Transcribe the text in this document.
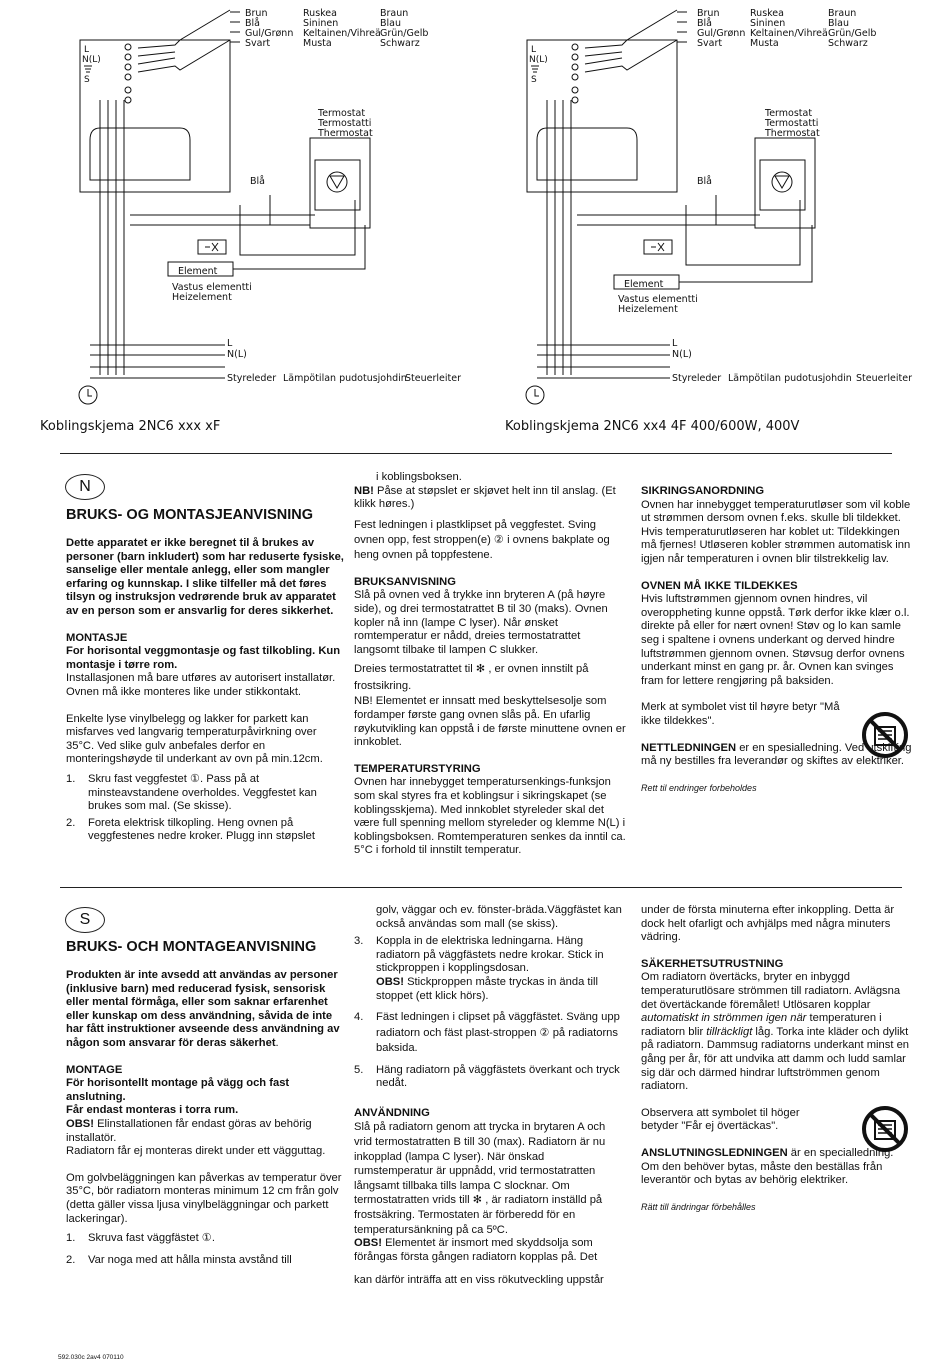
L
N(L)
S
Brun
Blå
Gul/Grønn
Svart
Ruskea
Sininen
Keltainen/Vihreä
Musta
Braun
Blau
Grün/Gelb
Schwarz
Termostat
Termostatti
Thermostat
Blå
Element
Vastus elementti
Heizelement
L
N(L)
Styreleder Lämpötilan pudotusjohdin
Steuerleiter
Koblingskjema 2NC6 xxx xF
L
N(L)
S
Brun
Blå
Gul/Grønn
Svart
Ruskea
Sininen
Keltainen/Vihreä
Musta
Braun
Blau
Grün/Gelb
Schwarz
Termostat
Termostatti
Thermostat
Blå
Element
Vastus elementti
Heizelement
L
N(L)
Styreleder Lämpötilan pudotusjohdin Steuerleiter
Koblingskjema 2NC6 xx4 4F 400/600W, 400V
N

BRUKS- OG MONTASJEANVISNING

Dette apparatet er ikke beregnet til å brukes av personer (barn inkludert) som har reduserte fysiske, sanselige eller mentale anlegg, eller som mangler erfaring og kunnskap. I slike tilfeller må det føres tilsyn og instruksjon vedrørende bruk av apparatet av en person som er ansvarlig for deres sikkerhet.

MONTASJE

For horisontal veggmontasje og fast tilkobling. Kun montasje i tørre rom.

Installasjonen må bare utføres av autorisert installatør. Ovnen må ikke monteres like under stikkontakt.

Enkelte lyse vinylbelegg og lakker for parkett kan misfarves ved langvarig temperaturpåvirkning over 35°C. Ved slike gulv anbefales derfor en monteringshøyde til underkant av ovn på min.12cm.

1.	Skru fast veggfestet ①. Pass på at minsteavstandene overholdes. Veggfestet kan brukes som mal. (Se skisse).
2.	Foreta elektrisk tilkopling. Heng ovnen på veggfestenes nedre kroker. Plugg inn støpslet

i koblingsboksen.

NB! Påse at støpslet er skjøvet helt inn til anslag. (Et klikk høres.)

Fest ledningen i plastklipset på veggfestet. Sving ovnen opp, fest stroppen(e) ② i ovnens bakplate og heng ovnen på toppfestene.

BRUKSANVISNING

Slå på ovnen ved å trykke inn bryteren A (på høyre side), og drei termostatrattet B til 30 (maks). Ovnen kopler nå inn (lampe C lyser). Når ønsket romtemperatur er nådd, dreies termostatrattet langsomt tilbake til lampen C slukker.

Dreies termostatrattet til ✻ , er ovnen innstilt på frostsikring.

NB! Elementet er innsatt med beskyttelsesolje som fordamper første gang ovnen slås på. En ufarlig røykutvikling kan oppstå i de første minuttene ovnen er innkoblet.

TEMPERATURSTYRING

Ovnen har innebygget temperatursenkings-funksjon som skal styres fra et koblingsur i sikringskapet (se koblingsskjema). Med innkoblet styreleder skal det være full spenning mellom styreleder og klemme N(L) i koblingsboksen. Romtemperaturen senkes da inntil ca. 5°C i forhold til innstilt temperatur.

SIKRINGSANORDNING

Ovnen har innebygget temperaturutløser som vil koble ut strømmen dersom ovnen f.eks. skulle bli tildekket. Hvis temperaturutløseren har koblet ut: Tildekkingen må fjernes! Utløseren kobler strømmen automatisk inn igjen når temperaturen i ovnen blir tilstrekkelig lav.

OVNEN MÅ IKKE TILDEKKES

Hvis luftstrømmen gjennom ovnen hindres, vil overoppheting kunne oppstå. Tørk derfor ikke klær o.l. direkte på eller for nært ovnen! Støv og lo kan samle seg i spaltene i ovnens underkant og derved hindre luftstrømmen gjennom ovnen. Støvsug derfor ovnens underkant minst en gang pr. år. Ovnen kan svinges fram for lettere rengjøring på baksiden.

Merk at symbolet vist til høyre betyr "Må ikke tildekkes".

NETTLEDNINGEN er en spesialledning. Ved utskifting må ny bestilles fra leverandør og skiftes av elektriker.

Rett til endringer forbeholdes

S

BRUKS- OCH MONTAGEANVISNING

Produkten är inte avsedd att användas av personer (inklusive barn) med reducerad fysisk, sensorisk eller mental förmåga, eller som saknar erfarenhet eller kunskap om dess användning, såvida de inte har fått instruktioner avseende dess användning av någon som ansvarar för deras säkerhet.

MONTAGE

För horisontellt montage på vägg och fast anslutning.

Får endast monteras i torra rum.

OBS! Elinstallationen får endast göras av behörig installatör.

Radiatorn får ej monteras direkt under ett vägguttag.

Om golvbeläggningen kan påverkas av temperatur över 35°C, bör radiatorn monteras minimum 12 cm från golv (detta gäller vissa ljusa vinylbeläggningar och parkett lackeringar).

1.	Skruva fast väggfästet ①.
2.	Var noga med att hålla minsta avstånd till

golv, väggar och ev. fönster-bräda.Väggfästet kan också användas som mall (se skiss).

3.	Koppla in de elektriska ledningarna. Häng radiatorn på väggfästets nedre krokar. Stick in stickproppen i kopplingsdosan.
OBS! Stickproppen måste tryckas in ända till stoppet (ett klick hörs).
4.	Fäst ledningen i clipset på väggfästet. Sväng upp radiatorn och fäst plast-stroppen ② på radiatorns baksida.
5.	Häng radiatorn på väggfästets överkant och tryck nedåt.

ANVÄNDNING

Slå på radiatorn genom att trycka in brytaren A och vrid termostatratten B till 30 (max). Radiatorn är nu inkopplad (lampa C lyser). När önskad rumstemperatur är uppnådd, vrid termostatratten långsamt tillbaka tills lampa C slocknar. Om termostatratten vrids till ✻ , är radiatorn inställd på frostsäkring. Termostaten är förberedd för en temperatursänkning på ca 5ºC.

OBS! Elementet är insmort med skyddsolja som förångas första gången radiatorn kopplas på. Det

kan därför inträffa att en viss rökutveckling uppstår

under de första minuterna efter inkoppling. Detta är dock helt ofarligt och avhjälps med några minuters vädring.

SÄKERHETSUTRUSTNING

Om radiatorn övertäcks, bryter en inbyggd temperaturutlösare strömmen till radiatorn. Avlägsna det övertäckande föremålet! Utlösaren kopplar automatiskt in strömmen igen när temperaturen i radiatorn blir tillräckligt låg. Torka inte kläder och dylikt på radiatorn. Dammsug radiatorns underkant minst en gång per år, för att undvika att damm och ludd samlar sig där och därmed hindrar luftströmmen genom radiatorn.

Observera att symbolet til höger betyder "Får ej övertäckas".

ANSLUTNINGSLEDNINGEN är en specialledning. Om den behöver bytas, måste den beställas från leverantör och bytas av behörig elektriker.

Rätt till ändringar förbehålles

592.030c 2av4 070110
